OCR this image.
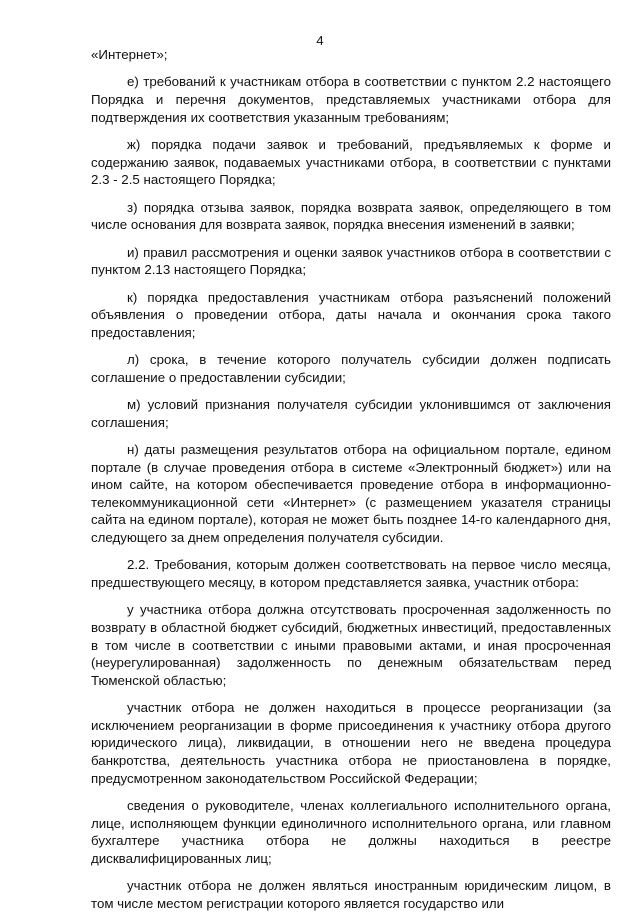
4

«Интернет»;

е) требований к участникам отбора в соответствии с пунктом 2.2 настоящего Порядка и перечня документов, представляемых участниками отбора для подтверждения их соответствия указанным требованиям;

ж) порядка подачи заявок и требований, предъявляемых к форме и содержанию заявок, подаваемых участниками отбора, в соответствии с пунктами 2.3 - 2.5 настоящего Порядка;

з) порядка отзыва заявок, порядка возврата заявок, определяющего в том числе основания для возврата заявок, порядка внесения изменений в заявки;

и) правил рассмотрения и оценки заявок участников отбора в соответствии с пунктом 2.13 настоящего Порядка;

к) порядка предоставления участникам отбора разъяснений положений объявления о проведении отбора, даты начала и окончания срока такого предоставления;

л) срока, в течение которого получатель субсидии должен подписать соглашение о предоставлении субсидии;

м) условий признания получателя субсидии уклонившимся от заключения соглашения;

н) даты размещения результатов отбора на официальном портале, едином портале (в случае проведения отбора в системе «Электронный бюджет») или на ином сайте, на котором обеспечивается проведение отбора в информационно-телекоммуникационной сети «Интернет» (с размещением указателя страницы сайта на едином портале), которая не может быть позднее 14-го календарного дня, следующего за днем определения получателя субсидии.

2.2. Требования, которым должен соответствовать на первое число месяца, предшествующего месяцу, в котором представляется заявка, участник отбора:

у участника отбора должна отсутствовать просроченная задолженность по возврату в областной бюджет субсидий, бюджетных инвестиций, предоставленных в том числе в соответствии с иными правовыми актами, и иная просроченная (неурегулированная) задолженность по денежным обязательствам перед Тюменской областью;

участник отбора не должен находиться в процессе реорганизации (за исключением реорганизации в форме присоединения к участнику отбора другого юридического лица), ликвидации, в отношении него не введена процедура банкротства, деятельность участника отбора не приостановлена в порядке, предусмотренном законодательством Российской Федерации;

сведения о руководителе, членах коллегиального исполнительного органа, лице, исполняющем функции единоличного исполнительного органа, или главном бухгалтере участника отбора не должны находиться в реестре дисквалифицированных лиц;

участник отбора не должен являться иностранным юридическим лицом, в том числе местом регистрации которого является государство или
